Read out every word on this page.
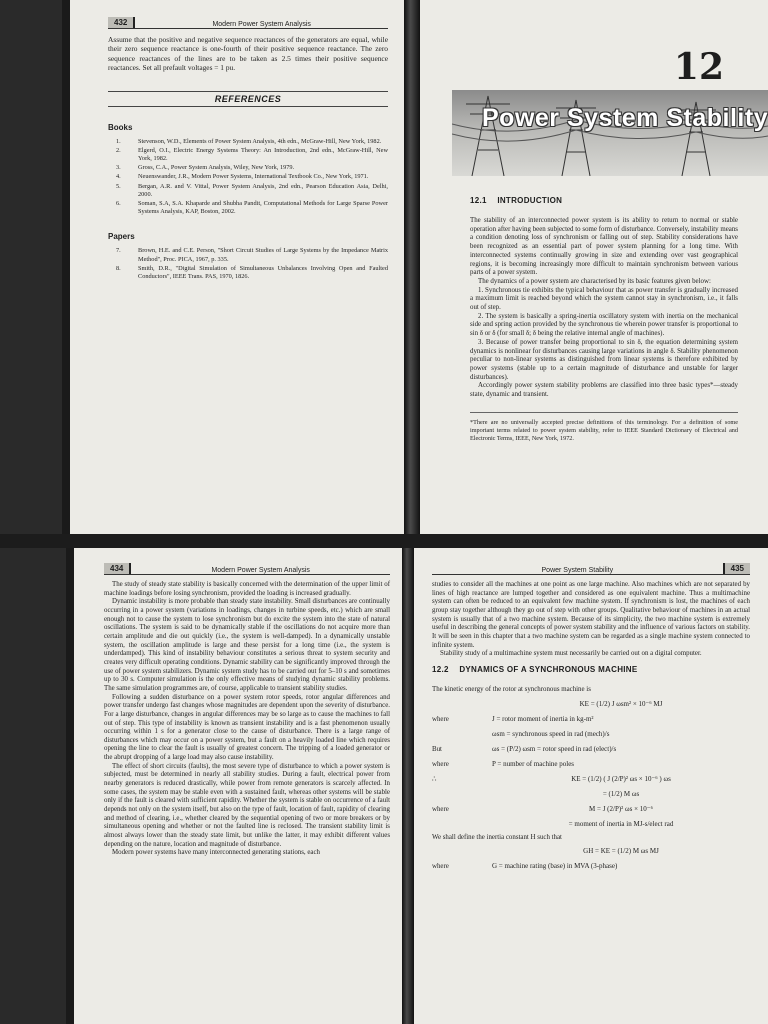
432	Modern Power System Analysis

Assume that the positive and negative sequence reactances of the generators are equal, while their zero sequence reactance is one-fourth of their positive sequence reactance. The zero sequence reactances of the lines are to be taken as 2.5 times their positive sequence reactances. Set all prefault voltages = 1 pu.

REFERENCES
Books
1.	Stevenson, W.D., Elements of Power System Analysis, 4th edn., McGraw-Hill, New York, 1982.
2.	Elgerd, O.I., Electric Energy Systems Theory: An Introduction, 2nd edn., McGraw-Hill, New York, 1982.
3.	Gross, C.A., Power System Analysis, Wiley, New York, 1979.
4.	Neuenswander, J.R., Modern Power Systems, International Textbook Co., New York, 1971.
5.	Bergan, A.R. and V. Vittal, Power System Analysis, 2nd edn., Pearson Education Asia, Delhi, 2000.
6.	Soman, S.A, S.A. Khaparde and Shubha Pandit, Computational Methods for Large Sparse Power Systems Analysis, KAP, Boston, 2002.
Papers
7.	Brown, H.E. and C.E. Person, "Short Circuit Studies of Large Systems by the Impedance Matrix Method", Proc. PICA, 1967, p. 335.
8.	Smith, D.R., "Digital Simulation of Simultaneous Unbalances Involving Open and Faulted Conductors", IEEE Trans. PAS, 1970, 1826.
12
Power System Stability
12.1 INTRODUCTION

The stability of an interconnected power system is its ability to return to normal or stable operation after having been subjected to some form of disturbance. Conversely, instability means a condition denoting loss of synchronism or falling out of step. Stability considerations have been recognized as an essential part of power system planning for a long time. With interconnected systems continually growing in size and extending over vast geographical regions, it is becoming increasingly more difficult to maintain synchronism between various parts of a power system.

The dynamics of a power system are characterised by its basic features given below:

1. Synchronous tie exhibits the typical behaviour that as power transfer is gradually increased a maximum limit is reached beyond which the system cannot stay in synchronism, i.e., it falls out of step.

2. The system is basically a spring-inertia oscillatory system with inertia on the mechanical side and spring action provided by the synchronous tie wherein power transfer is proportional to sin δ or δ (for small δ; δ being the relative internal angle of machines).

3. Because of power transfer being proportional to sin δ, the equation determining system dynamics is nonlinear for disturbances causing large variations in angle δ. Stability phenomenon peculiar to non-linear systems as distinguished from linear systems is therefore exhibited by power systems (stable up to a certain magnitude of disturbance and unstable for larger disturbances).

Accordingly power system stability problems are classified into three basic types*—steady state, dynamic and transient.

*There are no universally accepted precise definitions of this terminology. For a definition of some important terms related to power system stability, refer to IEEE Standard Dictionary of Electrical and Electronic Terms, IEEE, New York, 1972.
434	Modern Power System Analysis

The study of steady state stability is basically concerned with the determination of the upper limit of machine loadings before losing synchronism, provided the loading is increased gradually.

Dynamic instability is more probable than steady state instability. Small disturbances are continually occurring in a power system (variations in loadings, changes in turbine speeds, etc.) which are small enough not to cause the system to lose synchronism but do excite the system into the state of natural oscillations. The system is said to be dynamically stable if the oscillations do not acquire more than certain amplitude and die out quickly (i.e., the system is well-damped). In a dynamically unstable system, the oscillation amplitude is large and these persist for a long time (i.e., the system is underdamped). This kind of instability behaviour constitutes a serious threat to system security and creates very difficult operating conditions. Dynamic stability can be significantly improved through the use of power system stabilizers. Dynamic system study has to be carried out for 5–10 s and sometimes up to 30 s. Computer simulation is the only effective means of studying dynamic stability problems. The same simulation programmes are, of course, applicable to transient stability studies.

Following a sudden disturbance on a power system rotor speeds, rotor angular differences and power transfer undergo fast changes whose magnitudes are dependent upon the severity of disturbance. For a large disturbance, changes in angular differences may be so large as to cause the machines to fall out of step. This type of instability is known as transient instability and is a fast phenomenon usually occurring within 1 s for a generator close to the cause of disturbance. There is a large range of disturbances which may occur on a power system, but a fault on a heavily loaded line which requires opening the line to clear the fault is usually of greatest concern. The tripping of a loaded generator or the abrupt dropping of a large load may also cause instability.

The effect of short circuits (faults), the most severe type of disturbance to which a power system is subjected, must be determined in nearly all stability studies. During a fault, electrical power from nearby generators is reduced drastically, while power from remote generators is scarcely affected. In some cases, the system may be stable even with a sustained fault, whereas other systems will be stable only if the fault is cleared with sufficient rapidity. Whether the system is stable on occurrence of a fault depends not only on the system itself, but also on the type of fault, location of fault, rapidity of clearing and method of clearing, i.e., whether cleared by the sequential opening of two or more breakers or by simultaneous opening and whether or not the faulted line is reclosed. The transient stability limit is almost always lower than the steady state limit, but unlike the latter, it may exhibit different values depending on the nature, location and magnitude of disturbance.

Modern power systems have many interconnected generating stations, each

Power System Stability	435

studies to consider all the machines at one point as one large machine. Also machines which are not separated by lines of high reactance are lumped together and considered as one equivalent machine. Thus a multimachine system can often be reduced to an equivalent few machine system. If synchronism is lost, the machines of each group stay together although they go out of step with other groups. Qualitative behaviour of machines in an actual system is usually that of a two machine system. Because of its simplicity, the two machine system is extremely useful in describing the general concepts of power system stability and the influence of various factors on stability. It will be seen in this chapter that a two machine system can be regarded as a single machine system connected to infinite system.

Stability study of a multimachine system must necessarily be carried out on a digital computer.

12.2 DYNAMICS OF A SYNCHRONOUS MACHINE

The kinetic energy of the rotor at synchronous machine is

KE = (1/2) J ωsm² × 10⁻⁶ MJ
where	J = rotor moment of inertia in kg-m²
ωsm = synchronous speed in rad (mech)/s
But	ωs = (P/2) ωsm = rotor speed in rad (elect)/s
where	P = number of machine poles
∴	KE = (1/2) ( J (2/P)² ωs × 10⁻⁶ ) ωs
= (1/2) M ωs
where	M = J (2/P)² ωs × 10⁻⁶
= moment of inertia in MJ-s/elect rad

We shall define the inertia constant H such that

GH = KE = (1/2) M ωs MJ
where	G = machine rating (base) in MVA (3-phase)
